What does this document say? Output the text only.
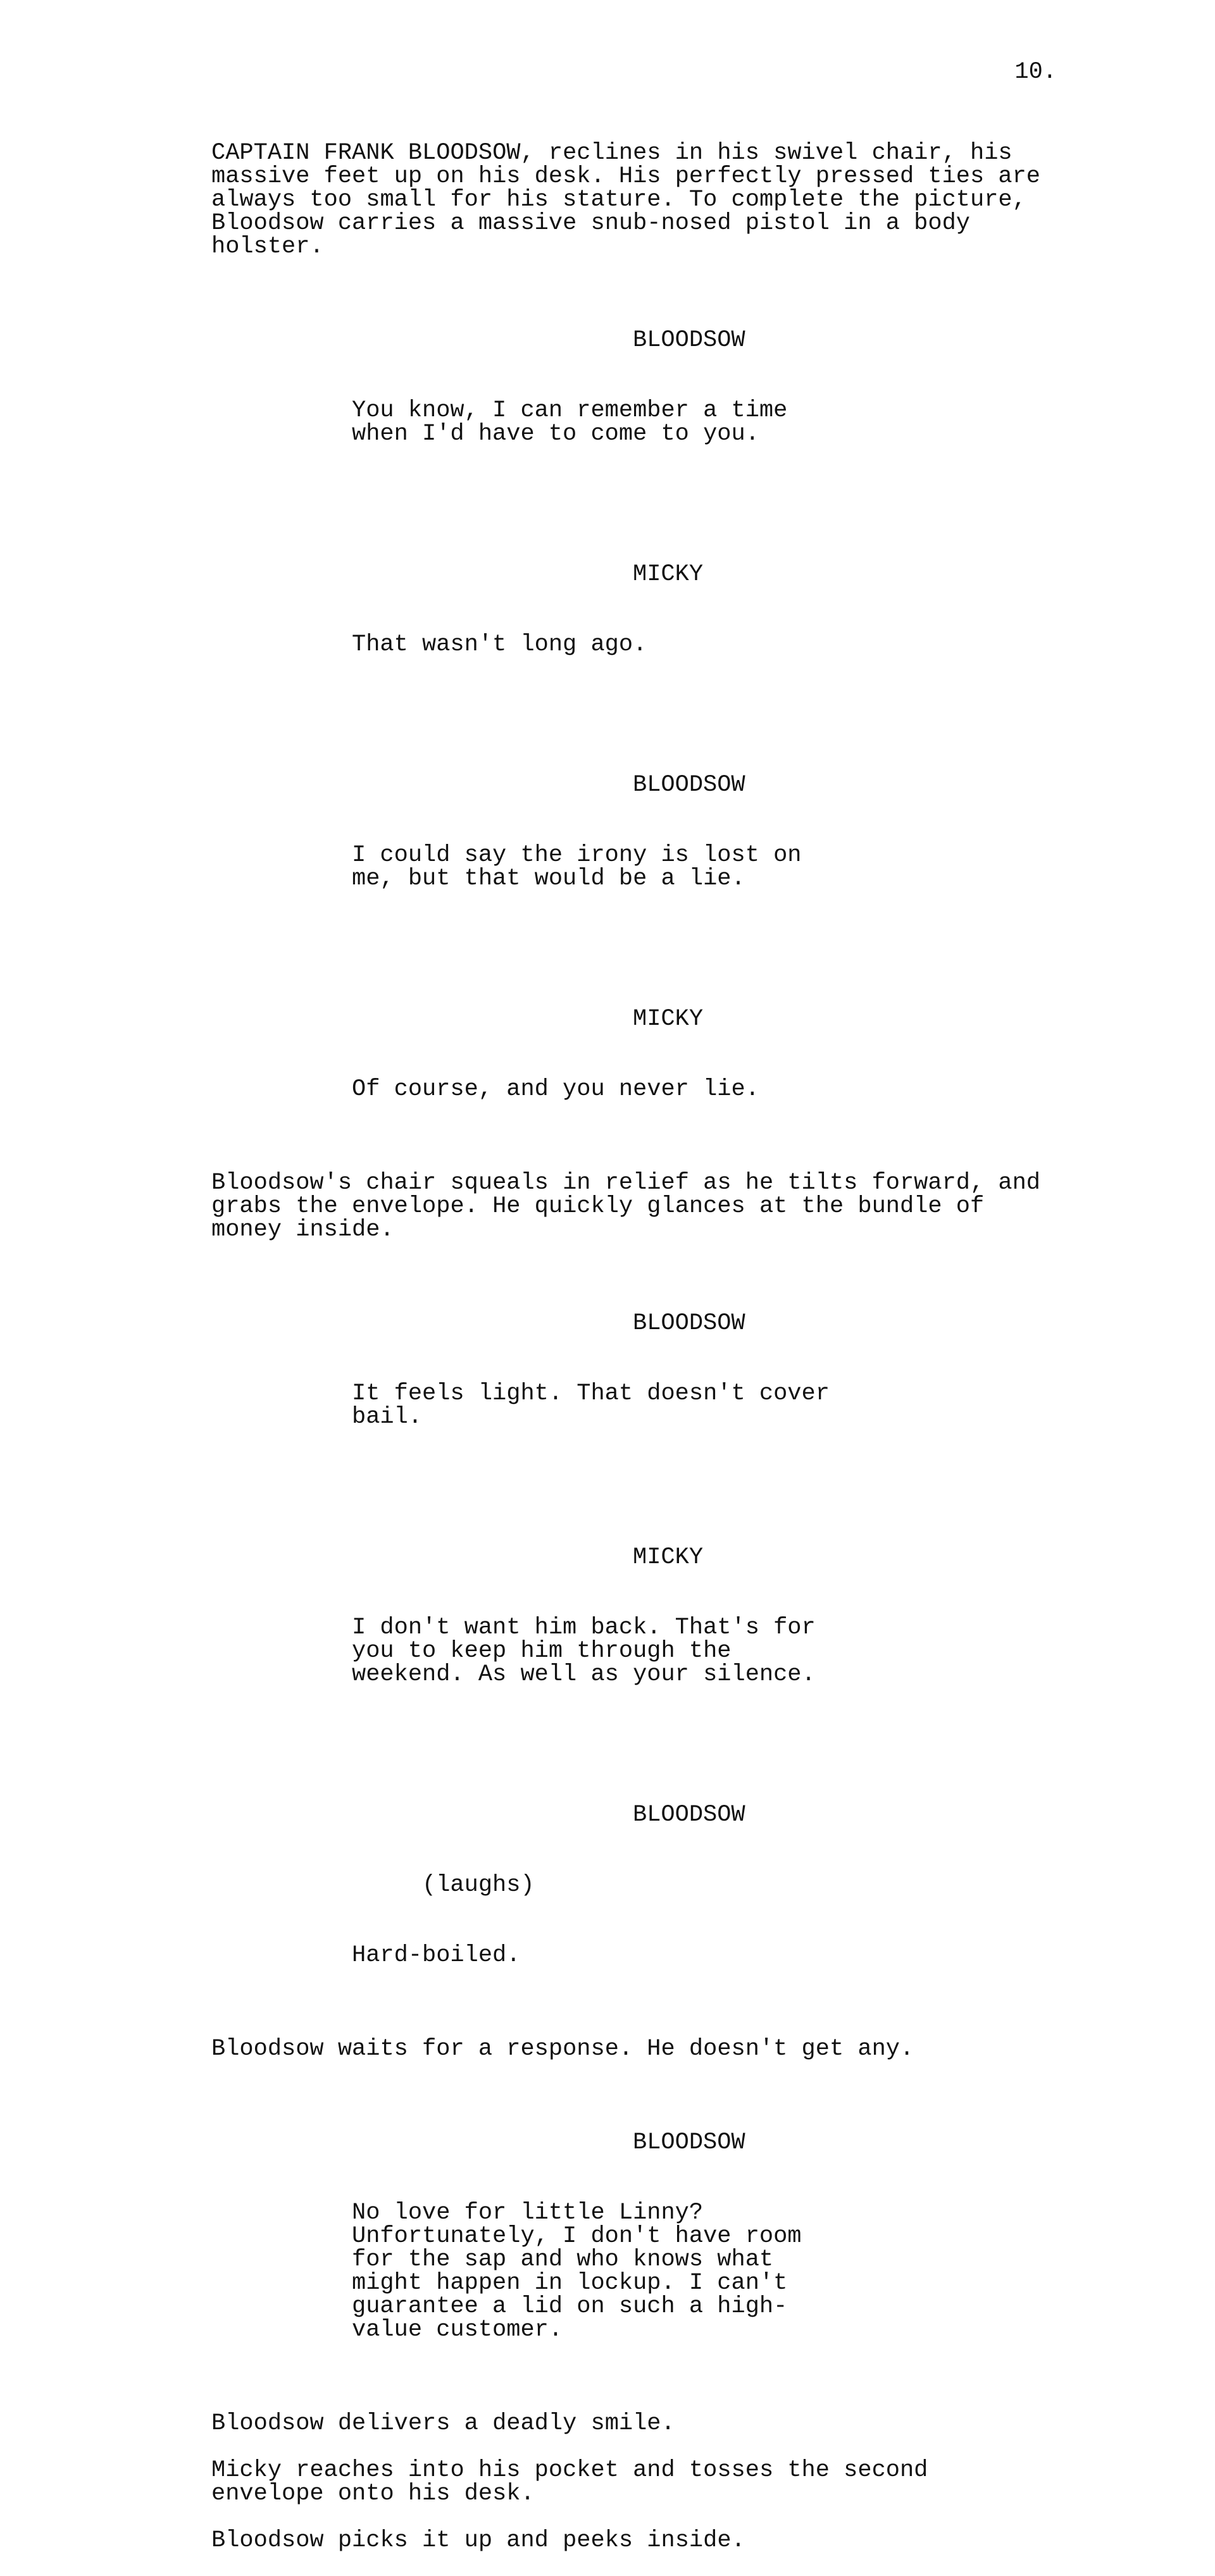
10.
CAPTAIN FRANK BLOODSOW, reclines in his swivel chair, his
massive feet up on his desk. His perfectly pressed ties are
always too small for his stature. To complete the picture,
Bloodsow carries a massive snub-nosed pistol in a body
holster.

BLOODSOW

You know, I can remember a time
when I'd have to come to you.

MICKY

That wasn't long ago.

BLOODSOW

I could say the irony is lost on
me, but that would be a lie.

MICKY

Of course, and you never lie.

Bloodsow's chair squeals in relief as he tilts forward, and
grabs the envelope. He quickly glances at the bundle of
money inside.

BLOODSOW

It feels light. That doesn't cover
bail.

MICKY

I don't want him back. That's for
you to keep him through the
weekend. As well as your silence.

BLOODSOW

(laughs)

Hard-boiled.

Bloodsow waits for a response. He doesn't get any.

BLOODSOW

No love for little Linny?
Unfortunately, I don't have room
for the sap and who knows what
might happen in lockup. I can't
guarantee a lid on such a high-
value customer.

Bloodsow delivers a deadly smile.
Micky reaches into his pocket and tosses the second
envelope onto his desk.
Bloodsow picks it up and peeks inside.
